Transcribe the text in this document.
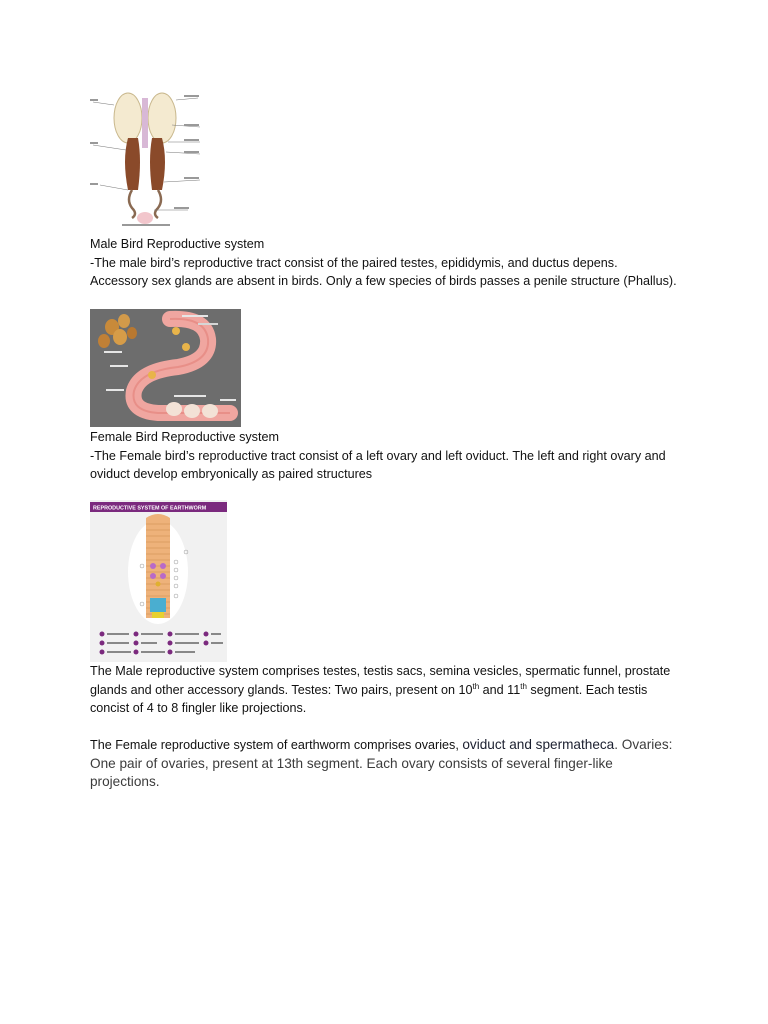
Male Bird Reproductive system

-The male bird’s reproductive tract consist of the paired testes, epididymis, and ductus depens.

Accessory sex glands are absent in birds. Only a few species of birds passes a penile structure (Phallus).

Female Bird Reproductive system

-The Female bird’s reproductive tract consist of a left ovary and left oviduct. The left and right ovary and

oviduct develop embryonically as paired structures

REPRODUCTIVE SYSTEM OF EARTHWORM

The Male reproductive system comprises testes, testis sacs, semina vesicles, spermatic funnel, prostate

glands and other accessory glands. Testes: Two pairs, present on 10th and 11th segment. Each testis

concist of 4 to 8 fingler like projections.

The Female reproductive system of earthworm comprises ovaries, oviduct and spermatheca. Ovaries:

One pair of ovaries, present at 13th segment. Each ovary consists of several finger-like

projections.
